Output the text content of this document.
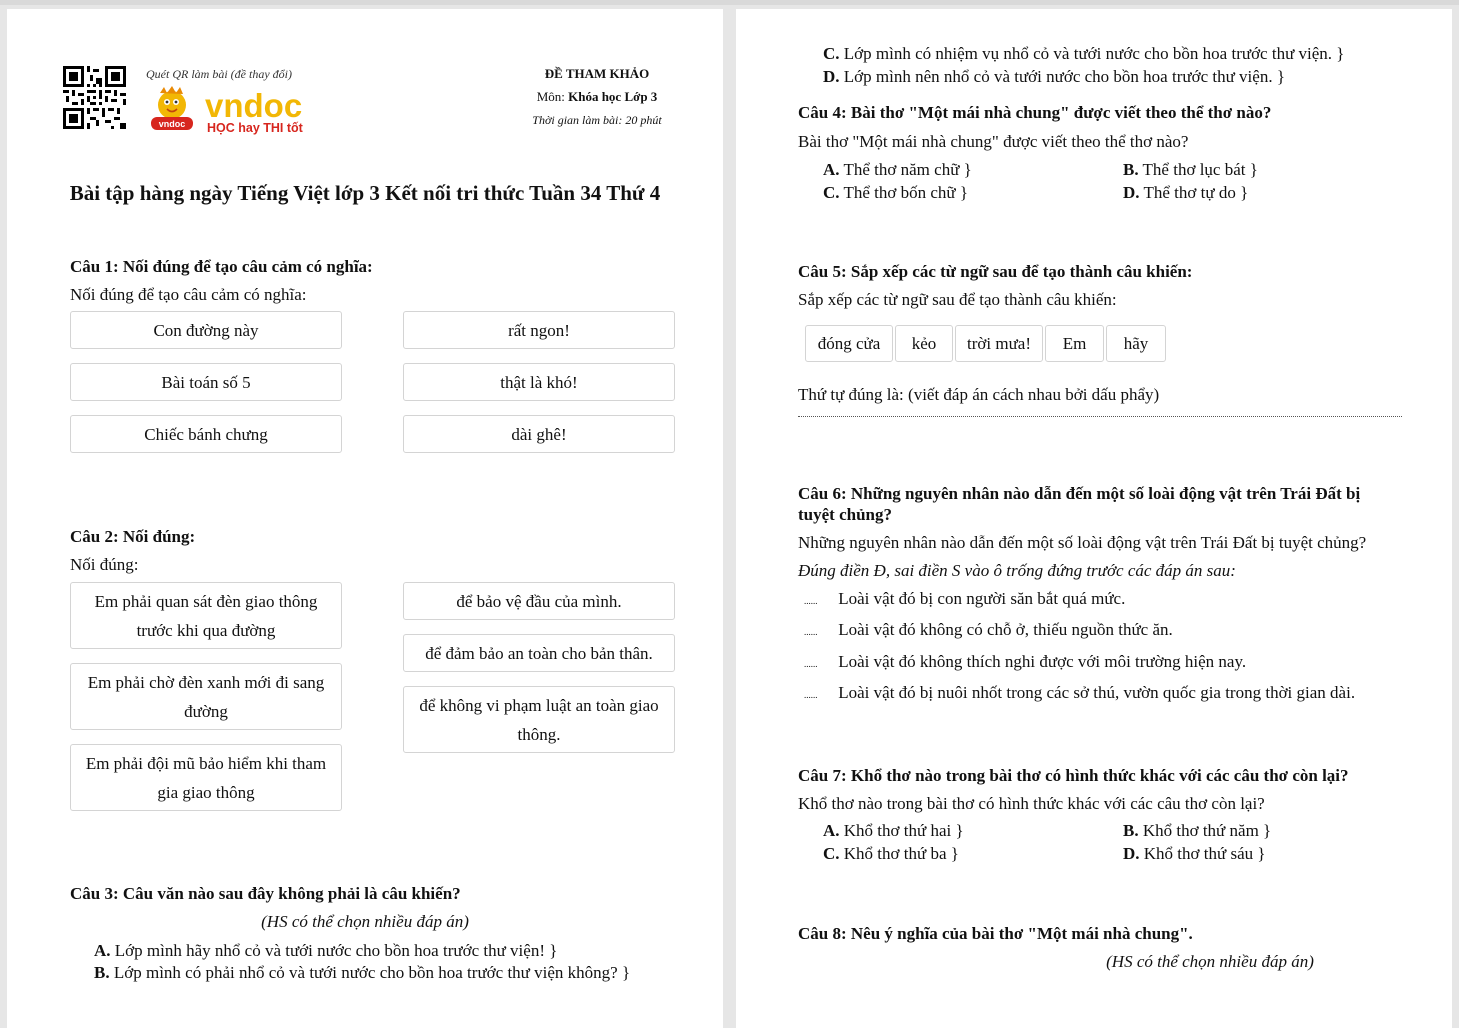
Quét QR làm bài (đề thay đổi)
vndoc vndoc
HỌC hay THI tốt
ĐỀ THAM KHẢO
Môn: Khóa học Lớp 3
Thời gian làm bài: 20 phút
Bài tập hàng ngày Tiếng Việt lớp 3 Kết nối tri thức Tuần 34 Thứ 4
Câu 1: Nối đúng để tạo câu cảm có nghĩa:
Nối đúng để tạo câu cảm có nghĩa:
Con đường này	rất ngon!
Bài toán số 5	thật là khó!
Chiếc bánh chưng	dài ghê!
Câu 2: Nối đúng:
Nối đúng:
Em phải quan sát đèn giao thông trước khi qua đường
Em phải chờ đèn xanh mới đi sang đường
Em phải đội mũ bảo hiểm khi tham gia giao thông
để bảo vệ đầu của mình.
để đảm bảo an toàn cho bản thân.
để không vi phạm luật an toàn giao thông.
Câu 3: Câu văn nào sau đây không phải là câu khiến?
(HS có thể chọn nhiều đáp án)
A. Lớp mình hãy nhổ cỏ và tưới nước cho bồn hoa trước thư viện! }
B. Lớp mình có phải nhổ cỏ và tưới nước cho bồn hoa trước thư viện không? }
C. Lớp mình có nhiệm vụ nhổ cỏ và tưới nước cho bồn hoa trước thư viện. }
D. Lớp mình nên nhổ cỏ và tưới nước cho bồn hoa trước thư viện. }
Câu 4: Bài thơ "Một mái nhà chung" được viết theo thể thơ nào?
Bài thơ "Một mái nhà chung" được viết theo thể thơ nào?
A. Thể thơ năm chữ }	B. Thể thơ lục bát }
C. Thể thơ bốn chữ }	D. Thể thơ tự do }
Câu 5: Sắp xếp các từ ngữ sau để tạo thành câu khiến:
Sắp xếp các từ ngữ sau để tạo thành câu khiến:
đóng cửa	kẻo	trời mưa!	Em	hãy
Thứ tự đúng là: (viết đáp án cách nhau bởi dấu phẩy)
Câu 6: Những nguyên nhân nào dẫn đến một số loài động vật trên Trái Đất bị
tuyệt chủng?
Những nguyên nhân nào dẫn đến một số loài động vật trên Trái Đất bị tuyệt chủng?
Đúng điền Đ, sai điền S vào ô trống đứng trước các đáp án sau:
...... Loài vật đó bị con người săn bắt quá mức.
...... Loài vật đó không có chỗ ở, thiếu nguồn thức ăn.
...... Loài vật đó không thích nghi được với môi trường hiện nay.
...... Loài vật đó bị nuôi nhốt trong các sở thú, vườn quốc gia trong thời gian dài.
Câu 7: Khổ thơ nào trong bài thơ có hình thức khác với các câu thơ còn lại?
Khổ thơ nào trong bài thơ có hình thức khác với các câu thơ còn lại?
A. Khổ thơ thứ hai }	B. Khổ thơ thứ năm }
C. Khổ thơ thứ ba }	D. Khổ thơ thứ sáu }
Câu 8: Nêu ý nghĩa của bài thơ "Một mái nhà chung".
(HS có thể chọn nhiều đáp án)
